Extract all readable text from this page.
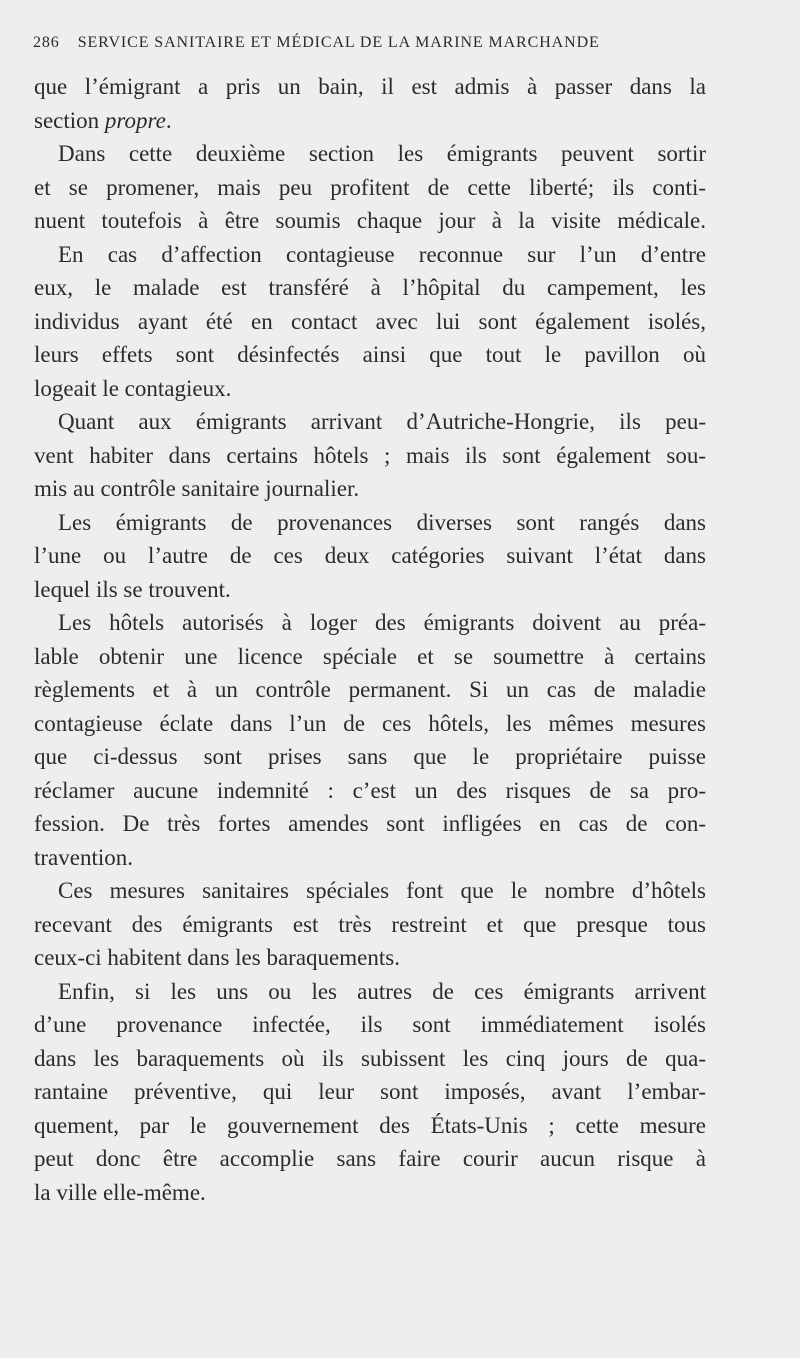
286 SERVICE SANITAIRE ET MÉDICAL DE LA MARINE MARCHANDE
que l’émigrant a pris un bain, il est admis à passer dans la
section propre.
Dans cette deuxième section les émigrants peuvent sortir
et se promener, mais peu profitent de cette liberté; ils conti-
nuent toutefois à être soumis chaque jour à la visite médicale.
En cas d’affection contagieuse reconnue sur l’un d’entre
eux, le malade est transféré à l’hôpital du campement, les
individus ayant été en contact avec lui sont également isolés,
leurs effets sont désinfectés ainsi que tout le pavillon où
logeait le contagieux.
Quant aux émigrants arrivant d’Autriche-Hongrie, ils peu-
vent habiter dans certains hôtels ; mais ils sont également sou-
mis au contrôle sanitaire journalier.
Les émigrants de provenances diverses sont rangés dans
l’une ou l’autre de ces deux catégories suivant l’état dans
lequel ils se trouvent.
Les hôtels autorisés à loger des émigrants doivent au préa-
lable obtenir une licence spéciale et se soumettre à certains
règlements et à un contrôle permanent. Si un cas de maladie
contagieuse éclate dans l’un de ces hôtels, les mêmes mesures
que ci-dessus sont prises sans que le propriétaire puisse
réclamer aucune indemnité : c’est un des risques de sa pro-
fession. De très fortes amendes sont infligées en cas de con-
travention.
Ces mesures sanitaires spéciales font que le nombre d’hôtels
recevant des émigrants est très restreint et que presque tous
ceux-ci habitent dans les baraquements.
Enfin, si les uns ou les autres de ces émigrants arrivent
d’une provenance infectée, ils sont immédiatement isolés
dans les baraquements où ils subissent les cinq jours de qua-
rantaine préventive, qui leur sont imposés, avant l’embar-
quement, par le gouvernement des États-Unis ; cette mesure
peut donc être accomplie sans faire courir aucun risque à
la ville elle-même.
